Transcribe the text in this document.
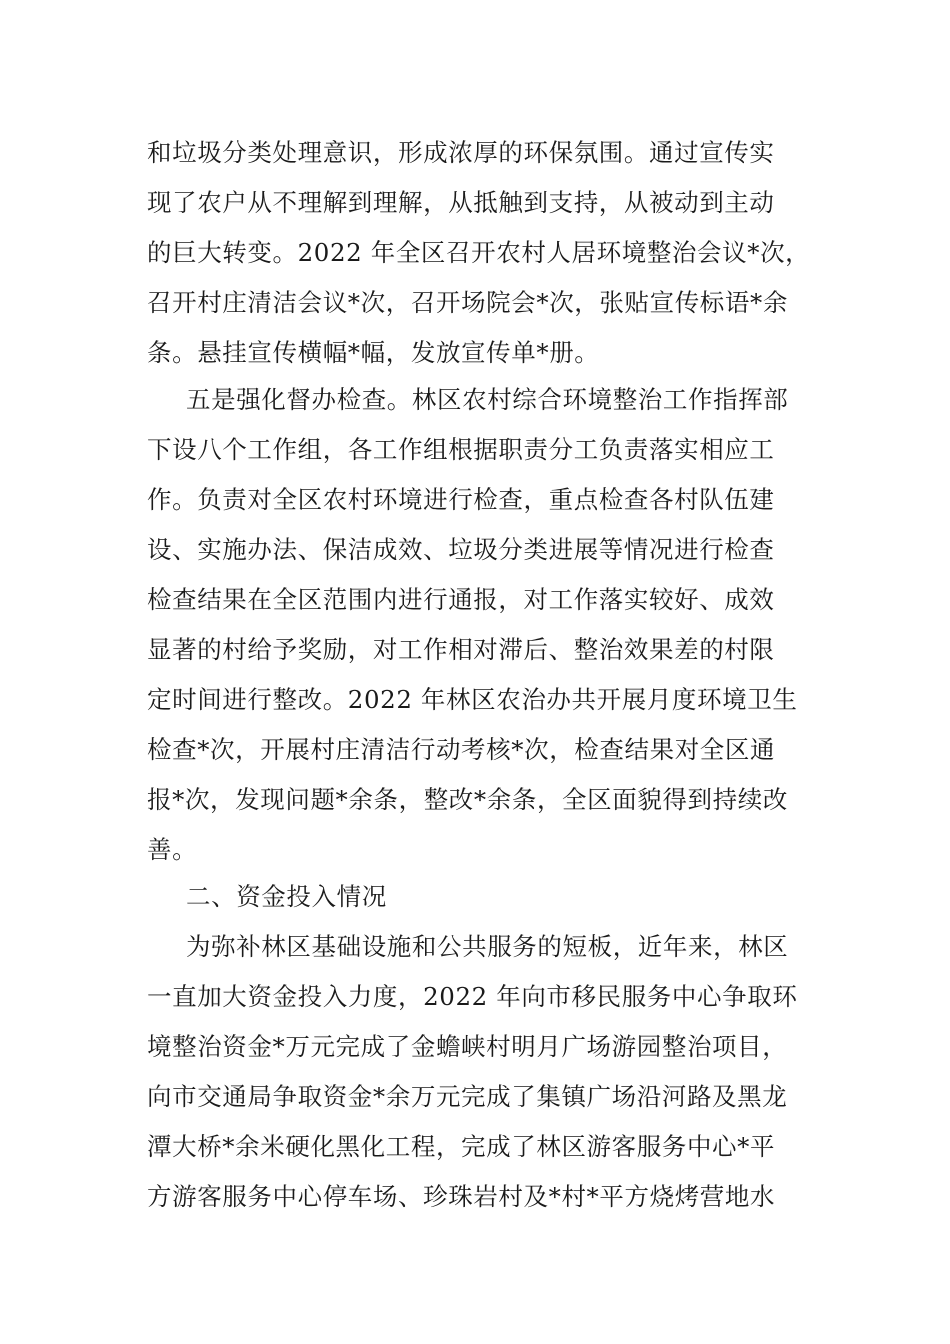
和垃圾分类处理意识，形成浓厚的环保氛围。通过宣传实
现了农户从不理解到理解，从抵触到支持，从被动到主动
的巨大转变。2022 年全区召开农村人居环境整治会议*次，
召开村庄清洁会议*次，召开场院会*次，张贴宣传标语*余
条。悬挂宣传横幅*幅，发放宣传单*册。
五是强化督办检查。林区农村综合环境整治工作指挥部
下设八个工作组，各工作组根据职责分工负责落实相应工
作。负责对全区农村环境进行检查，重点检查各村队伍建
设、实施办法、保洁成效、垃圾分类进展等情况进行检查
检查结果在全区范围内进行通报，对工作落实较好、成效
显著的村给予奖励，对工作相对滞后、整治效果差的村限
定时间进行整改。2022 年林区农治办共开展月度环境卫生
检查*次，开展村庄清洁行动考核*次，检查结果对全区通
报*次，发现问题*余条，整改*余条，全区面貌得到持续改
善。
二、资金投入情况
为弥补林区基础设施和公共服务的短板，近年来，林区
一直加大资金投入力度，2022 年向市移民服务中心争取环
境整治资金*万元完成了金蟾峡村明月广场游园整治项目，
向市交通局争取资金*余万元完成了集镇广场沿河路及黑龙
潭大桥*余米硬化黑化工程，完成了林区游客服务中心*平
方游客服务中心停车场、珍珠岩村及*村*平方烧烤营地水
